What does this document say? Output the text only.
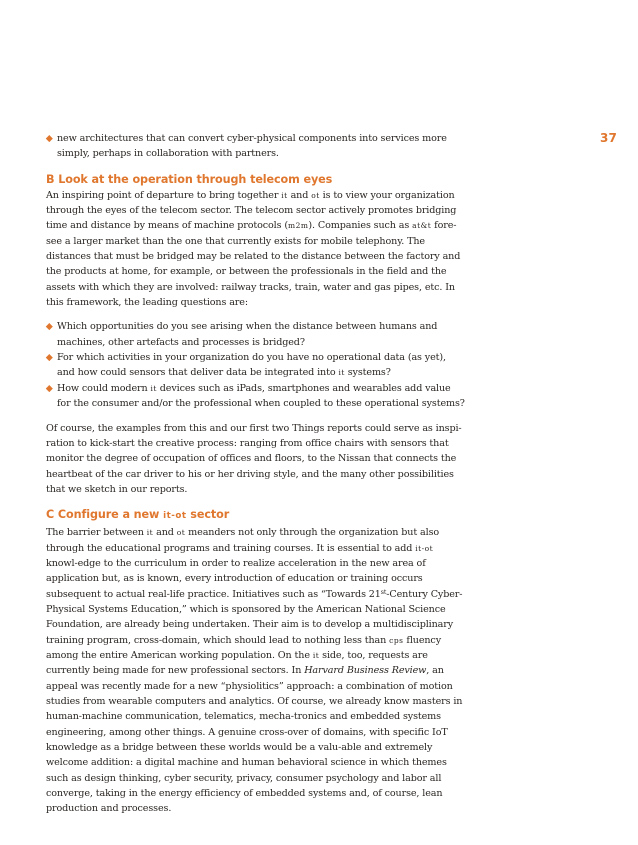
37
new architectures that can convert cyber-physical components into services more simply, perhaps in collaboration with partners.
B Look at the operation through telecom eyes

An inspiring point of departure to bring together it and ot is to view your organization through the eyes of the telecom sector. The telecom sector actively promotes bridging time and distance by means of machine protocols (m2m). Companies such as at&t fore-see a larger market than the one that currently exists for mobile telephony. The distances that must be bridged may be related to the distance between the factory and the products at home, for example, or between the professionals in the field and the assets with which they are involved: railway tracks, train, water and gas pipes, etc. In this framework, the leading questions are:

Which opportunities do you see arising when the distance between humans and machines, other artefacts and processes is bridged?
For which activities in your organization do you have no operational data (as yet), and how could sensors that deliver data be integrated into it systems?
How could modern it devices such as iPads, smartphones and wearables add value for the consumer and/or the professional when coupled to these operational systems?

Of course, the examples from this and our first two Things reports could serve as inspi-ration to kick-start the creative process: ranging from office chairs with sensors that monitor the degree of occupation of offices and floors, to the Nissan that connects the heartbeat of the car driver to his or her driving style, and the many other possibilities that we sketch in our reports.

C Configure a new it-ot sector

The barrier between it and ot meanders not only through the organization but also through the educational programs and training courses. It is essential to add it-ot knowl-edge to the curriculum in order to realize acceleration in the new area of application but, as is known, every introduction of education or training occurs subsequent to actual real-life practice. Initiatives such as “Towards 21st-Century Cyber-Physical Systems Education,” which is sponsored by the American National Science Foundation, are already being undertaken. Their aim is to develop a multidisciplinary training program, cross-domain, which should lead to nothing less than cps fluency among the entire American working population. On the it side, too, requests are currently being made for new professional sectors. In Harvard Business Review, an appeal was recently made for a new “physiolitics” approach: a combination of motion studies from wearable computers and analytics. Of course, we already know masters in human-machine communication, telematics, mecha-tronics and embedded systems engineering, among other things. A genuine cross-over of domains, with specific IoT knowledge as a bridge between these worlds would be a valu-able and extremely welcome addition: a digital machine and human behavioral science in which themes such as design thinking, cyber security, privacy, consumer psychology and labor all converge, taking in the energy efficiency of embedded systems and, of course, lean production and processes.
